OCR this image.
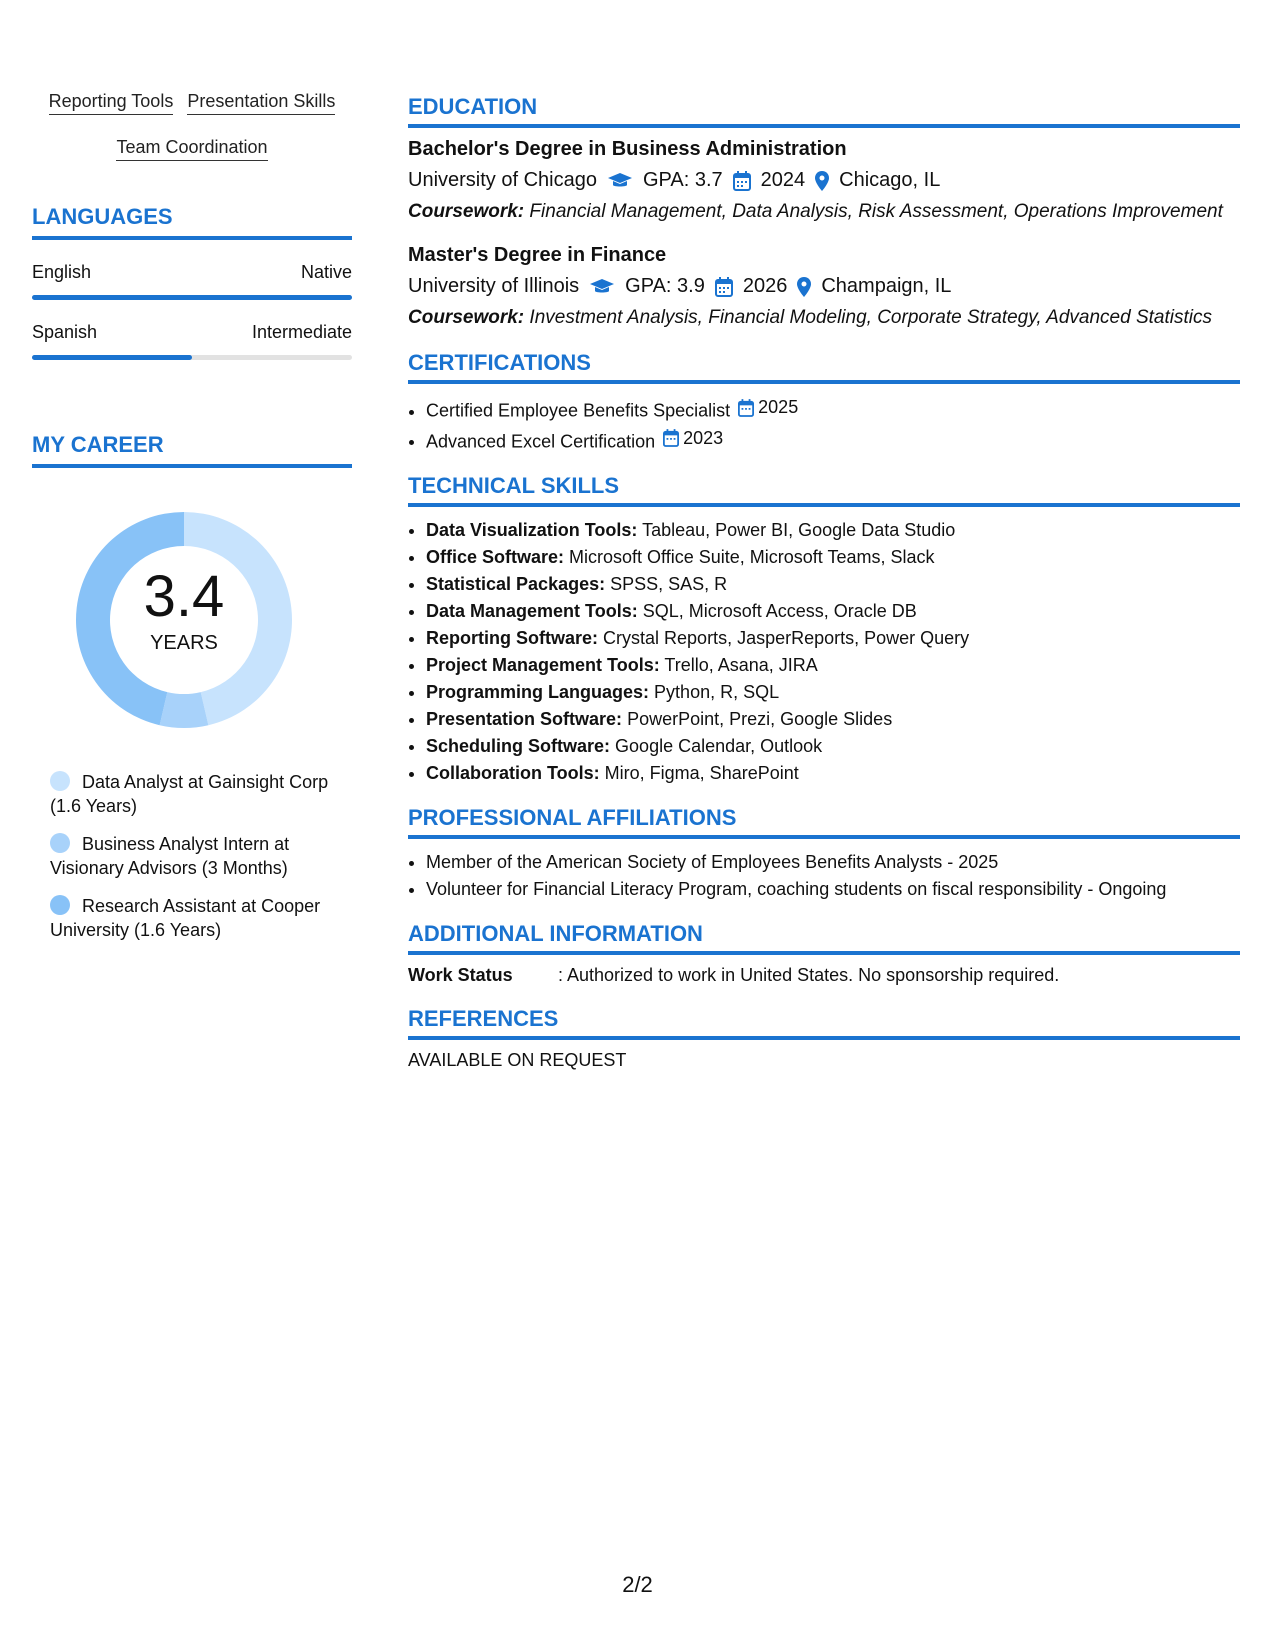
Reporting Tools Presentation Skills
Team Coordination
LANGUAGES
English	Native
Spanish	Intermediate
MY CAREER
3.4
YEARS
Data Analyst at Gainsight Corp (1.6 Years)
Business Analyst Intern at Visionary Advisors (3 Months)
Research Assistant at Cooper University (1.6 Years)
EDUCATION
Bachelor's Degree in Business Administration
University of Chicago GPA: 3.7 2024 Chicago, IL
Coursework: Financial Management, Data Analysis, Risk Assessment, Operations Improvement
Master's Degree in Finance
University of Illinois GPA: 3.9 2026 Champaign, IL
Coursework: Investment Analysis, Financial Modeling, Corporate Strategy, Advanced Statistics
CERTIFICATIONS
• Certified Employee Benefits Specialist 2025
• Advanced Excel Certification 2023
TECHNICAL SKILLS
• Data Visualization Tools: Tableau, Power BI, Google Data Studio
• Office Software: Microsoft Office Suite, Microsoft Teams, Slack
• Statistical Packages: SPSS, SAS, R
• Data Management Tools: SQL, Microsoft Access, Oracle DB
• Reporting Software: Crystal Reports, JasperReports, Power Query
• Project Management Tools: Trello, Asana, JIRA
• Programming Languages: Python, R, SQL
• Presentation Software: PowerPoint, Prezi, Google Slides
• Scheduling Software: Google Calendar, Outlook
• Collaboration Tools: Miro, Figma, SharePoint
PROFESSIONAL AFFILIATIONS
• Member of the American Society of Employees Benefits Analysts - 2025
• Volunteer for Financial Literacy Program, coaching students on fiscal responsibility - Ongoing
ADDITIONAL INFORMATION
Work Status	: Authorized to work in United States. No sponsorship required.
REFERENCES
AVAILABLE ON REQUEST
2/2
